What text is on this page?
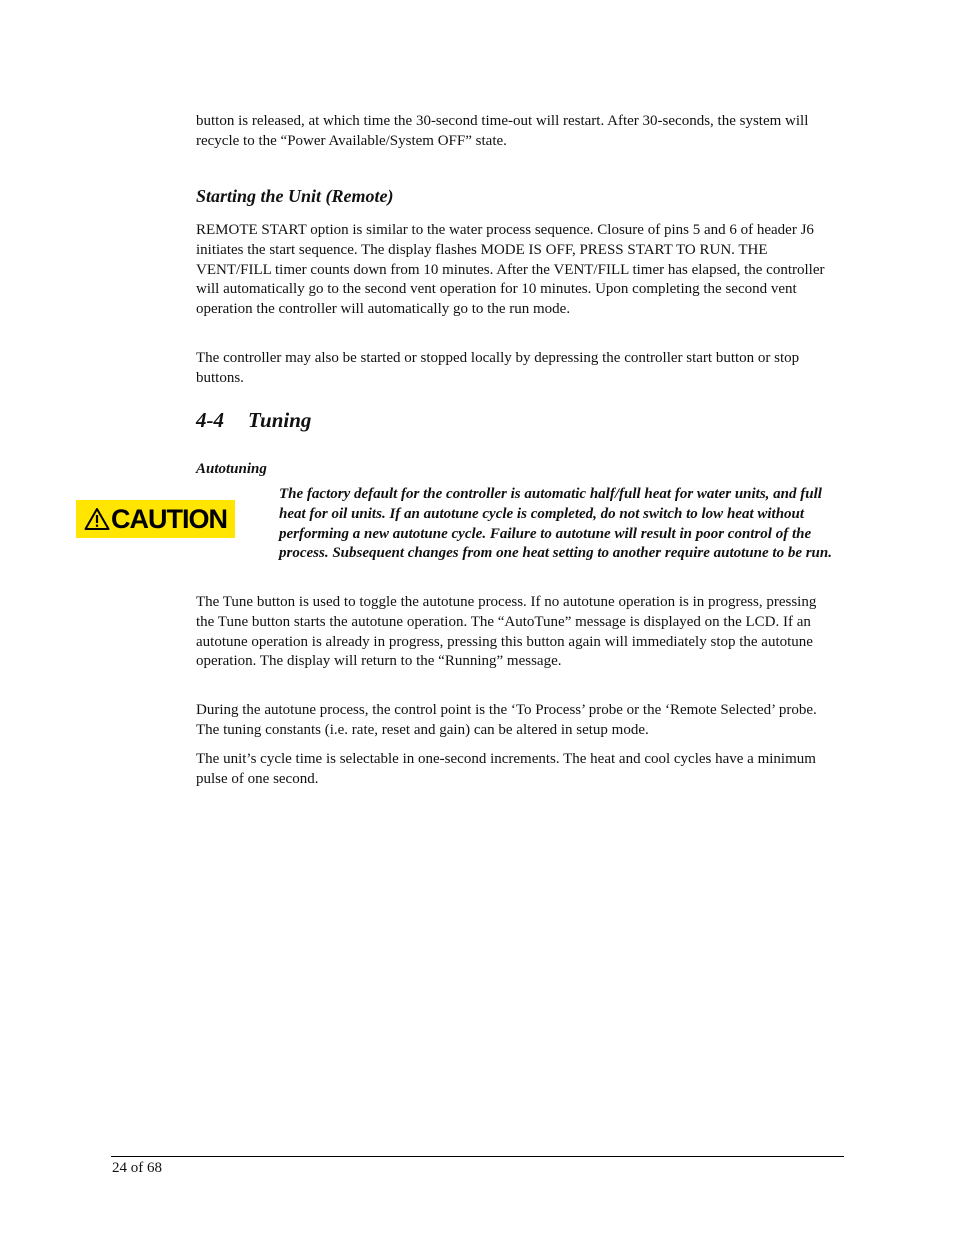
button is released, at which time the 30-second time-out will restart. After 30-seconds, the system will recycle to the “Power Available/System OFF” state.

Starting the Unit (Remote)

REMOTE START option is similar to the water process sequence. Closure of pins 5 and 6 of header J6 initiates the start sequence. The display flashes MODE IS OFF, PRESS START TO RUN. THE VENT/FILL timer counts down from 10 minutes. After the VENT/FILL timer has elapsed, the controller will automatically go to the second vent operation for 10 minutes. Upon completing the second vent operation the controller will automatically go to the run mode.

The controller may also be started or stopped locally by depressing the controller start button or stop buttons.

4-4 Tuning
Autotuning
CAUTION

The factory default for the controller is automatic half/full heat for water units, and full heat for oil units. If an autotune cycle is completed, do not switch to low heat without performing a new autotune cycle. Failure to autotune will result in poor control of the process. Subsequent changes from one heat setting to another require autotune to be run.

The Tune button is used to toggle the autotune process. If no autotune operation is in progress, pressing the Tune button starts the autotune operation. The “AutoTune” message is displayed on the LCD. If an autotune operation is already in progress, pressing this button again will immediately stop the autotune operation. The display will return to the “Running” message.

During the autotune process, the control point is the ‘To Process’ probe or the ‘Remote Selected’ probe. The tuning constants (i.e. rate, reset and gain) can be altered in setup mode.

The unit’s cycle time is selectable in one-second increments. The heat and cool cycles have a minimum pulse of one second.

24 of 68
